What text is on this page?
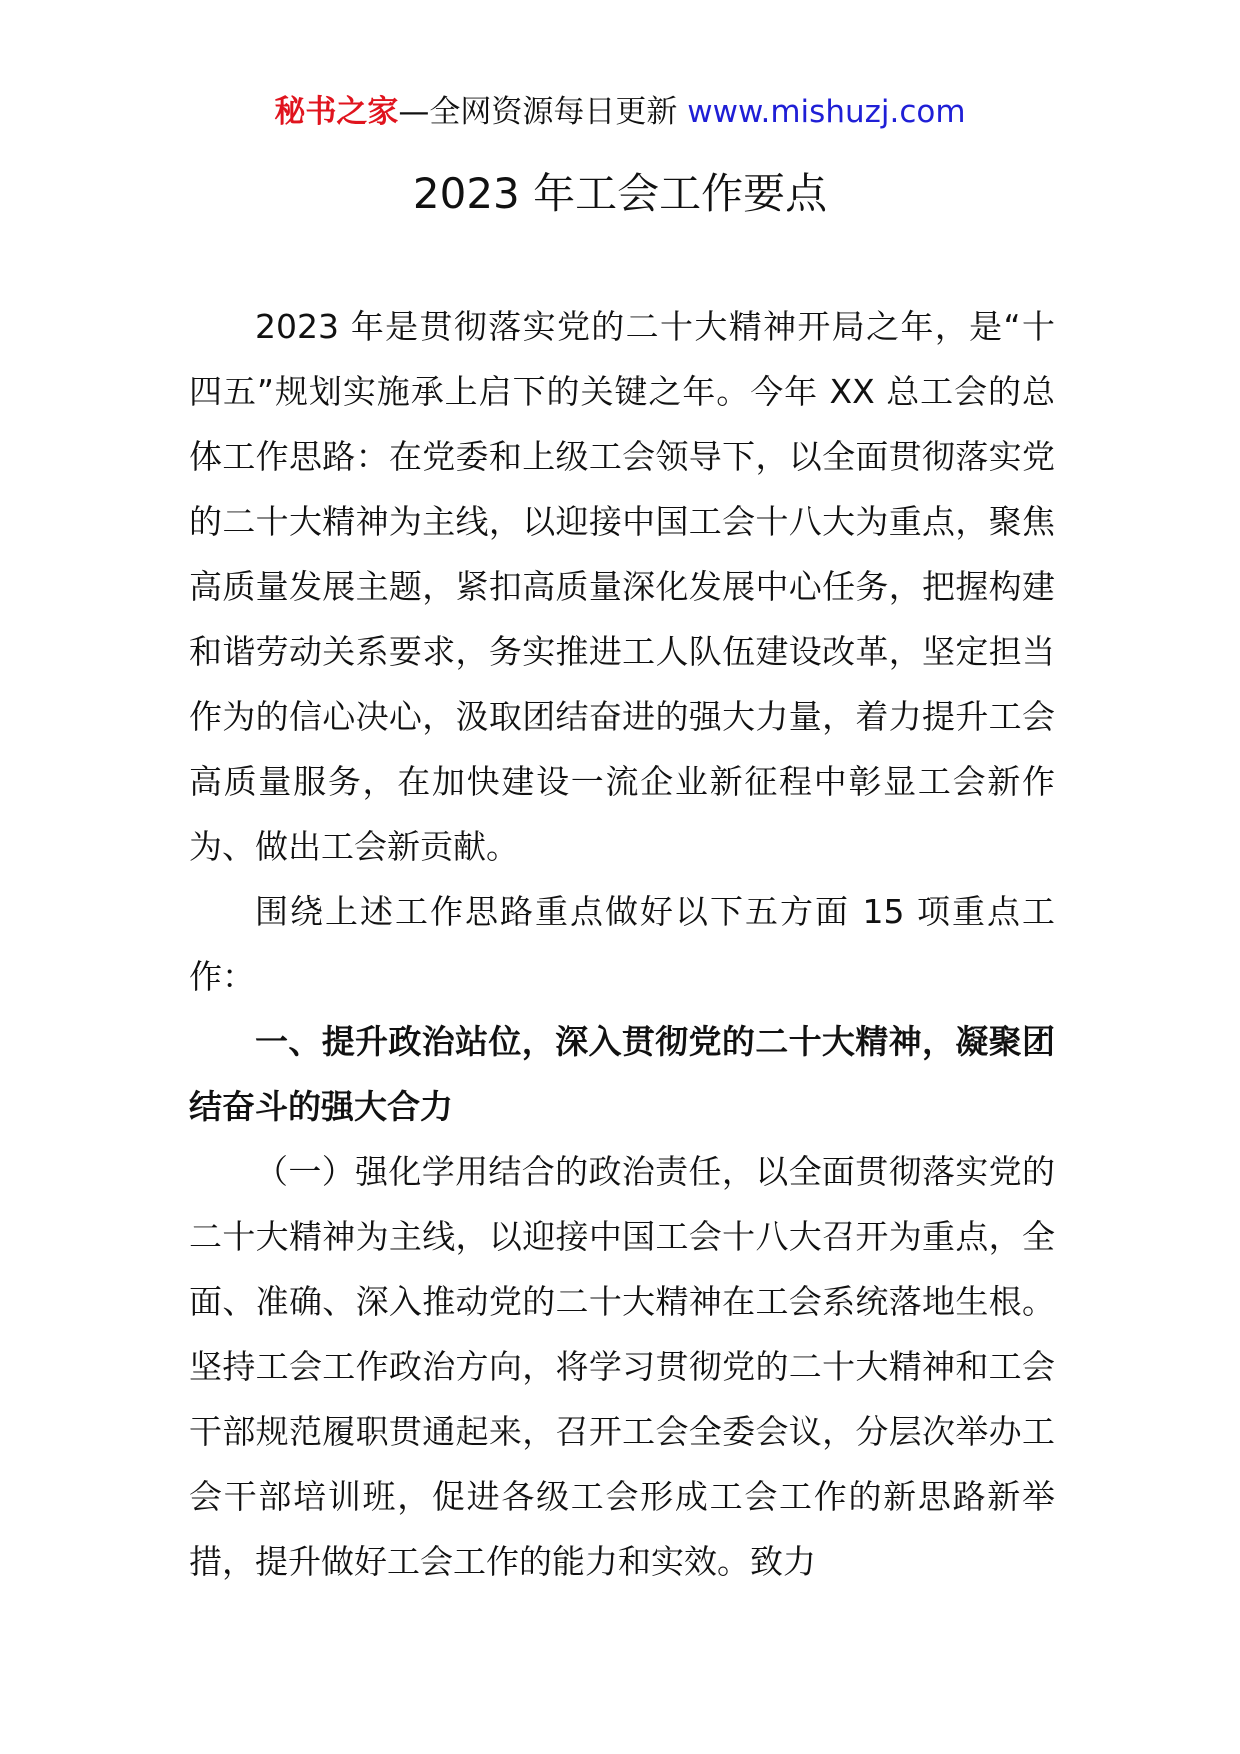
秘书之家—全网资源每日更新 www.mishuzj.com
2023 年工会工作要点

2023 年是贯彻落实党的二十大精神开局之年，是“十四五”规划实施承上启下的关键之年。今年 XX 总工会的总体工作思路：在党委和上级工会领导下，以全面贯彻落实党的二十大精神为主线，以迎接中国工会十八大为重点，聚焦高质量发展主题，紧扣高质量深化发展中心任务，把握构建和谐劳动关系要求，务实推进工人队伍建设改革，坚定担当作为的信心决心，汲取团结奋进的强大力量，着力提升工会高质量服务，在加快建设一流企业新征程中彰显工会新作为、做出工会新贡献。

围绕上述工作思路重点做好以下五方面 15 项重点工作：

一、提升政治站位，深入贯彻党的二十大精神，凝聚团结奋斗的强大合力

（一）强化学用结合的政治责任，以全面贯彻落实党的二十大精神为主线，以迎接中国工会十八大召开为重点，全面、准确、深入推动党的二十大精神在工会系统落地生根。坚持工会工作政治方向，将学习贯彻党的二十大精神和工会干部规范履职贯通起来，召开工会全委会议，分层次举办工会干部培训班，促进各级工会形成工会工作的新思路新举措，提升做好工会工作的能力和实效。致力
